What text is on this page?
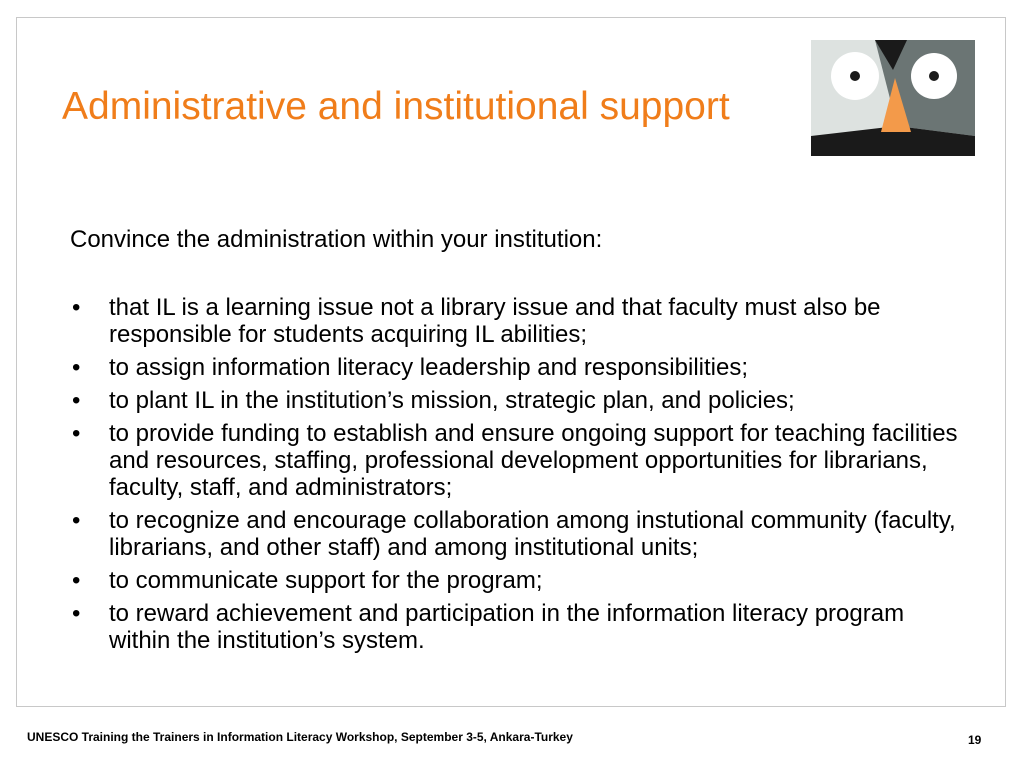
Administrative and institutional support

Convince the administration within your institution:

• that IL is a learning issue not a library issue and that faculty must also be responsible for students acquiring IL abilities;
• to assign information literacy leadership and responsibilities;
• to plant IL in the institution’s mission, strategic plan, and policies;
• to provide funding to establish and ensure ongoing support for teaching facilities and resources, staffing, professional development opportunities for librarians, faculty, staff, and administrators;
• to recognize and encourage collaboration among instutional community (faculty, librarians, and other staff) and among institutional units;
• to communicate support for the program;
• to reward achievement and participation in the information literacy program within the institution’s system.
UNESCO Training the Trainers in Information Literacy Workshop, September 3-5, Ankara-Turkey	19
